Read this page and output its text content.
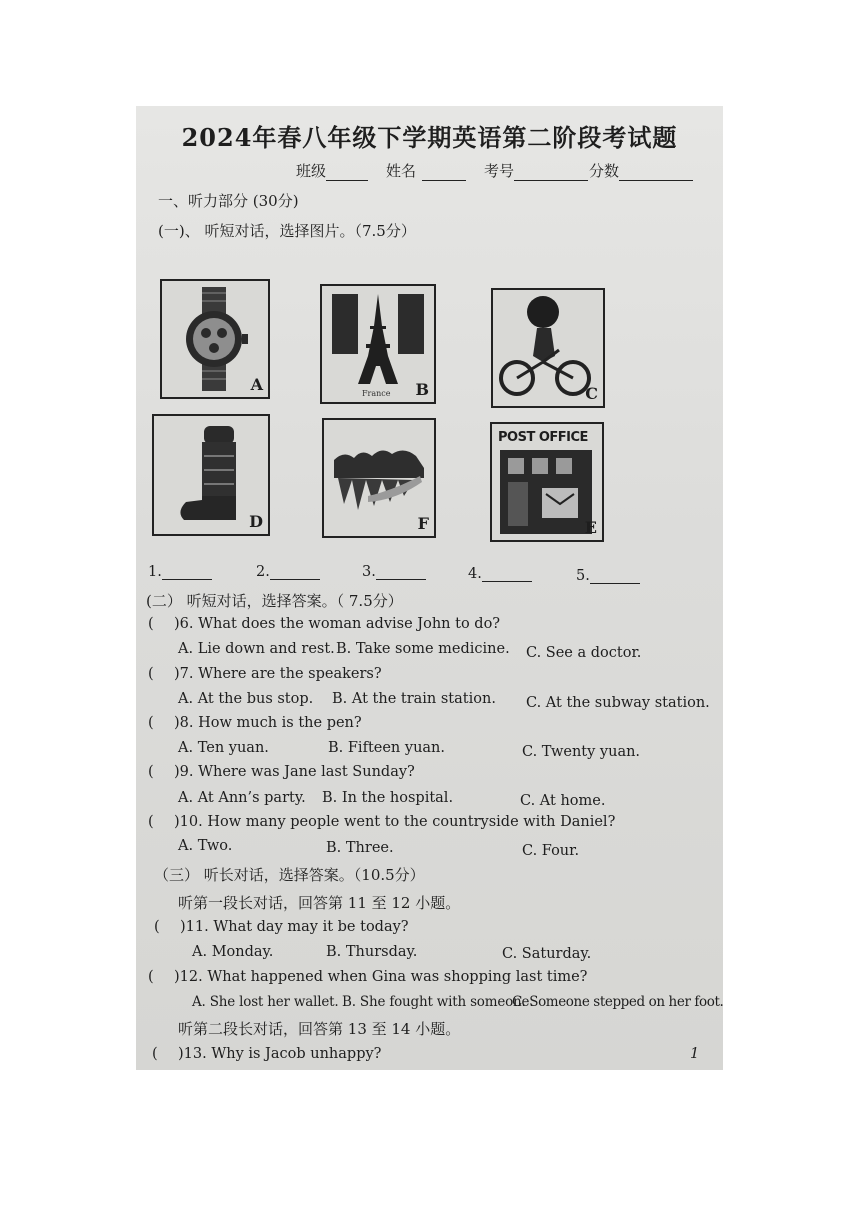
2024年春八年级下学期英语第二阶段考试题
班级	姓名	考号	分数
一、听力部分 (30分)
(一)、 听短对话，选择图片。（7.5分）
A	France B	C
D	F
POST OFFICE
E
1.	2.	3.	4.	5.
(二） 听短对话，选择答案。（ 7.5分）
( )6. What does the woman advise John to do?
A. Lie down and rest. B. Take some medicine. C. See a doctor.
( )7. Where are the speakers?
A. At the bus stop. B. At the train station. C. At the subway station.
( )8. How much is the pen?
A. Ten yuan.	B. Fifteen yuan.	C. Twenty yuan.
( )9. Where was Jane last Sunday?
A. At Ann’s party. B. In the hospital.	C. At home.
( )10. How many people went to the countryside with Daniel?
A. Two.	B. Three.	C. Four.
（三） 听长对话，选择答案。（10.5分）
听第一段长对话，回答第 11 至 12 小题。
( )11. What day may it be today?
A. Monday.	B. Thursday.	C. Saturday.
( )12. What happened when Gina was shopping last time?
A. She lost her wallet. B. She fought with someone.
C. Someone stepped on her foot.
听第二段长对话，回答第 13 至 14 小题。
( )13. Why is Jacob unhappy?	1
